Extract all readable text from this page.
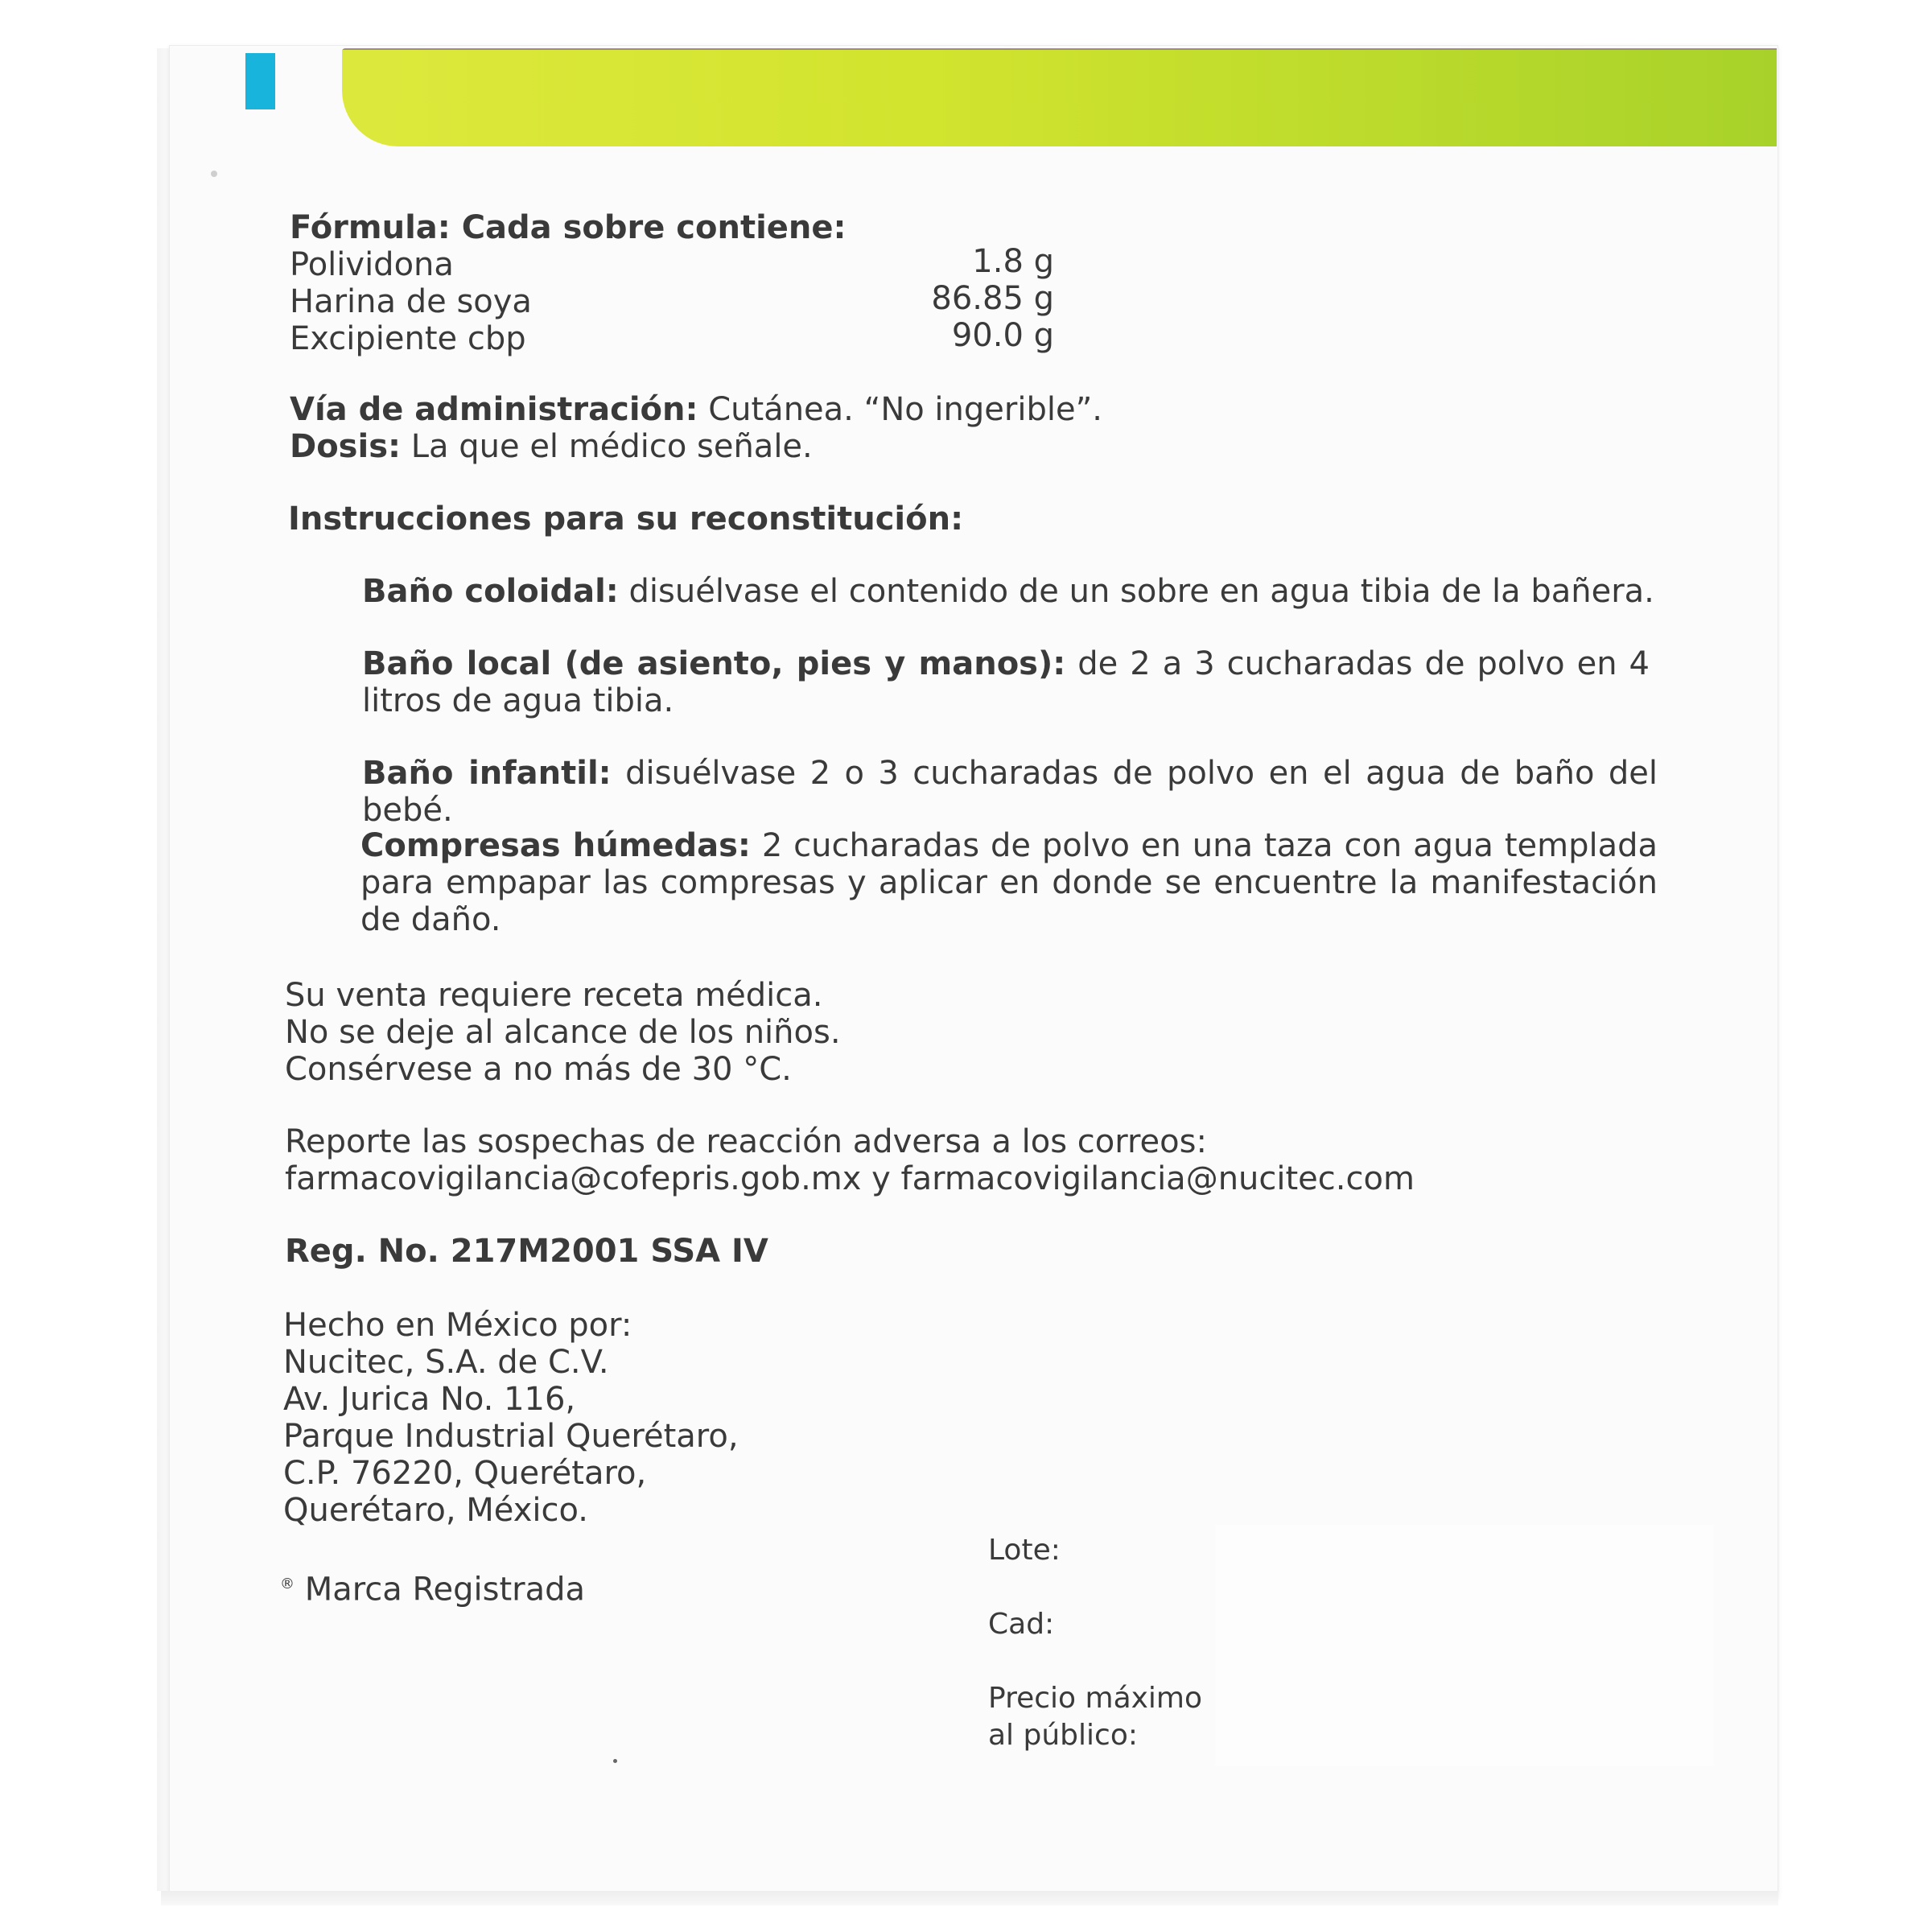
Fórmula: Cada sobre contiene:
Polividona	1.8 g
Harina de soya	86.85 g
Excipiente cbp	90.0 g
Vía de administración: Cutánea. “No ingerible”.
Dosis: La que el médico señale.
Instrucciones para su reconstitución:
Baño coloidal: disuélvase el contenido de un sobre en agua tibia de la bañera.
Baño local (de asiento, pies y manos): de 2 a 3 cucharadas de polvo en 4 litros de agua tibia.
Baño infantil: disuélvase 2 o 3 cucharadas de polvo en el agua de baño del bebé.
Compresas húmedas: 2 cucharadas de polvo en una taza con agua templada para empapar las compresas y aplicar en donde se encuentre la manifestación de daño.
Su venta requiere receta médica.
No se deje al alcance de los niños.
Consérvese a no más de 30 °C.
Reporte las sospechas de reacción adversa a los correos:
farmacovigilancia@cofepris.gob.mx y farmacovigilancia@nucitec.com
Reg. No. 217M2001 SSA IV
Hecho en México por:
Nucitec, S.A. de C.V.
Av. Jurica No. 116,
Parque Industrial Querétaro,
C.P. 76220, Querétaro,
Querétaro, México.
® Marca Registrada
Lote:
Cad:
Precio máximo
al público:
